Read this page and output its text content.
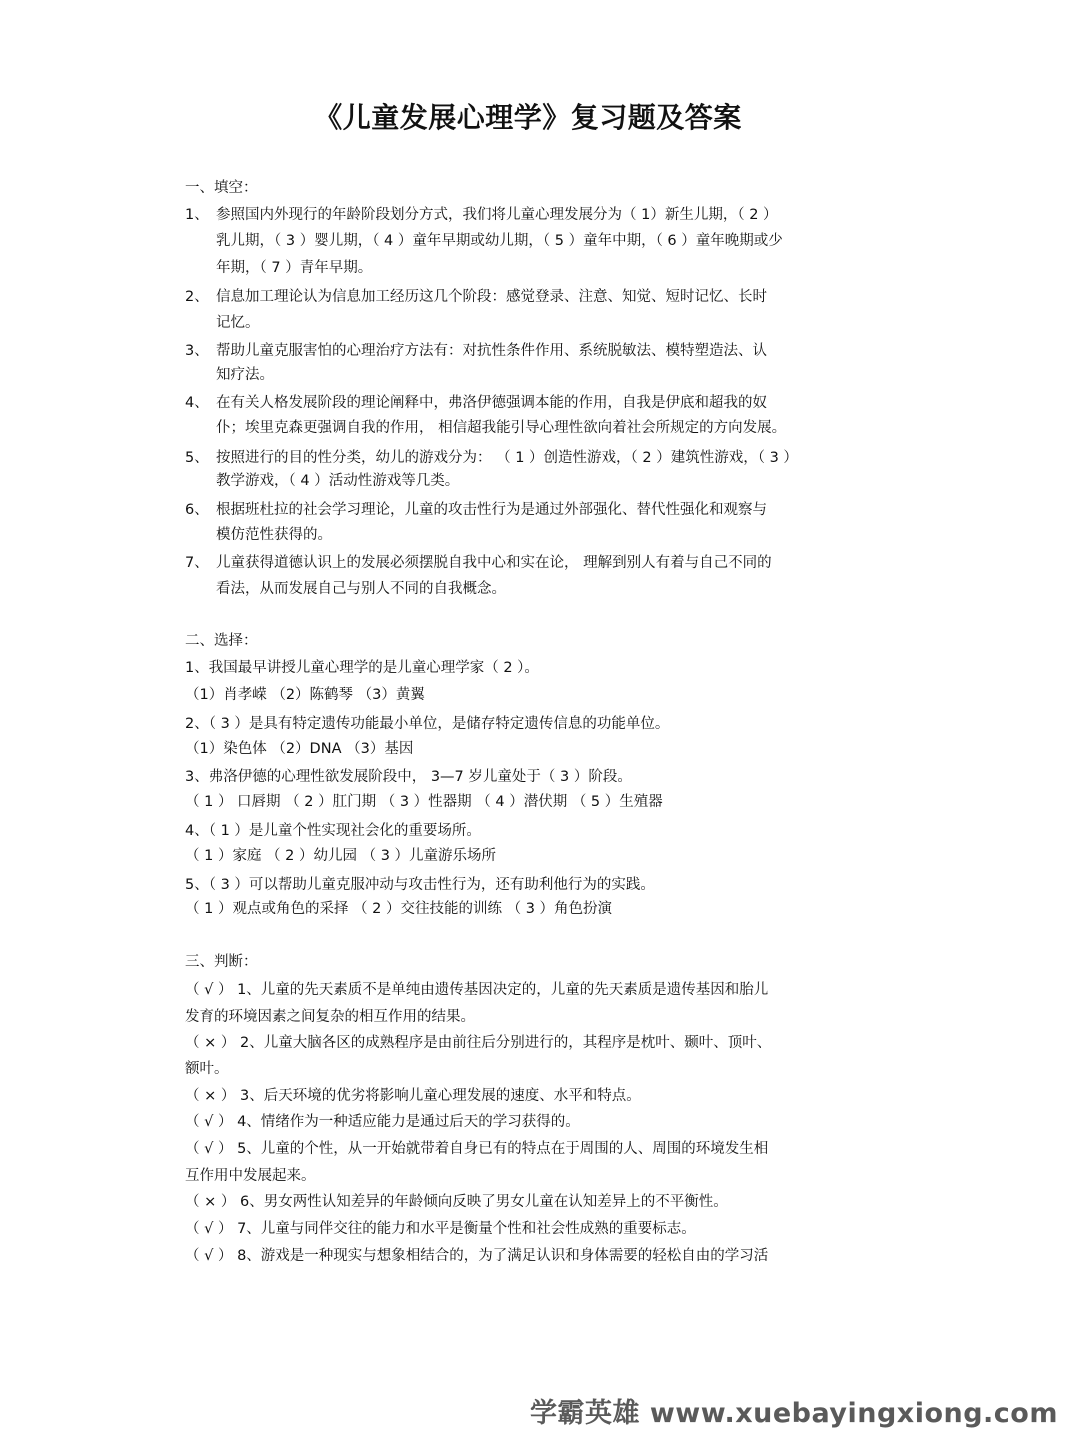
《儿童发展心理学》复习题及答案
一、填空：
1、 参照国内外现行的年龄阶段划分方式，我们将儿童心理发展分为（ 1）新生儿期，（ 2 ）
乳儿期，（ 3 ）婴儿期，（ 4 ）童年早期或幼儿期，（ 5 ）童年中期，（ 6 ）童年晚期或少
年期，（ 7 ）青年早期。
2、 信息加工理论认为信息加工经历这几个阶段：感觉登录、注意、知觉、短时记忆、长时
记忆。
3、 帮助儿童克服害怕的心理治疗方法有：对抗性条件作用、系统脱敏法、模特塑造法、认
知疗法。
4、 在有关人格发展阶段的理论阐释中，弗洛伊德强调本能的作用，自我是伊底和超我的奴
仆；埃里克森更强调自我的作用， 相信超我能引导心理性欲向着社会所规定的方向发展。
5、 按照进行的目的性分类，幼儿的游戏分为： （ 1 ）创造性游戏，（ 2 ）建筑性游戏，（ 3 ）
教学游戏，（ 4 ）活动性游戏等几类。
6、 根据班杜拉的社会学习理论，儿童的攻击性行为是通过外部强化、替代性强化和观察与
模仿范性获得的。
7、 儿童获得道德认识上的发展必须摆脱自我中心和实在论， 理解到别人有着与自己不同的
看法，从而发展自己与别人不同的自我概念。
二、选择：
1、我国最早讲授儿童心理学的是儿童心理学家（ 2 ）。
（1）肖孝嵘 （2）陈鹤琴 （3）黄翼
2、（ 3 ）是具有特定遗传功能最小单位，是储存特定遗传信息的功能单位。
（1）染色体 （2）DNA （3）基因
3、弗洛伊德的心理性欲发展阶段中， 3—7 岁儿童处于（ 3 ）阶段。
（ 1 ） 口唇期 （ 2 ）肛门期 （ 3 ）性器期 （ 4 ）潜伏期 （ 5 ）生殖器
4、（ 1 ）是儿童个性实现社会化的重要场所。
（ 1 ）家庭 （ 2 ）幼儿园 （ 3 ）儿童游乐场所
5、（ 3 ）可以帮助儿童克服冲动与攻击性行为，还有助利他行为的实践。
（ 1 ）观点或角色的采择 （ 2 ）交往技能的训练 （ 3 ）角色扮演
三、判断：
（ √ ） 1、儿童的先天素质不是单纯由遗传基因决定的，儿童的先天素质是遗传基因和胎儿
发育的环境因素之间复杂的相互作用的结果。
（ × ） 2、儿童大脑各区的成熟程序是由前往后分别进行的，其程序是枕叶、颞叶、顶叶、
额叶。
（ × ） 3、后天环境的优劣将影响儿童心理发展的速度、水平和特点。
（ √ ） 4、情绪作为一种适应能力是通过后天的学习获得的。
（ √ ） 5、儿童的个性，从一开始就带着自身已有的特点在于周围的人、周围的环境发生相
互作用中发展起来。
（ × ） 6、男女两性认知差异的年龄倾向反映了男女儿童在认知差异上的不平衡性。
（ √ ） 7、儿童与同伴交往的能力和水平是衡量个性和社会性成熟的重要标志。
（ √ ） 8、游戏是一种现实与想象相结合的，为了满足认识和身体需要的轻松自由的学习活
学霸英雄 www.xuebayingxiong.com
